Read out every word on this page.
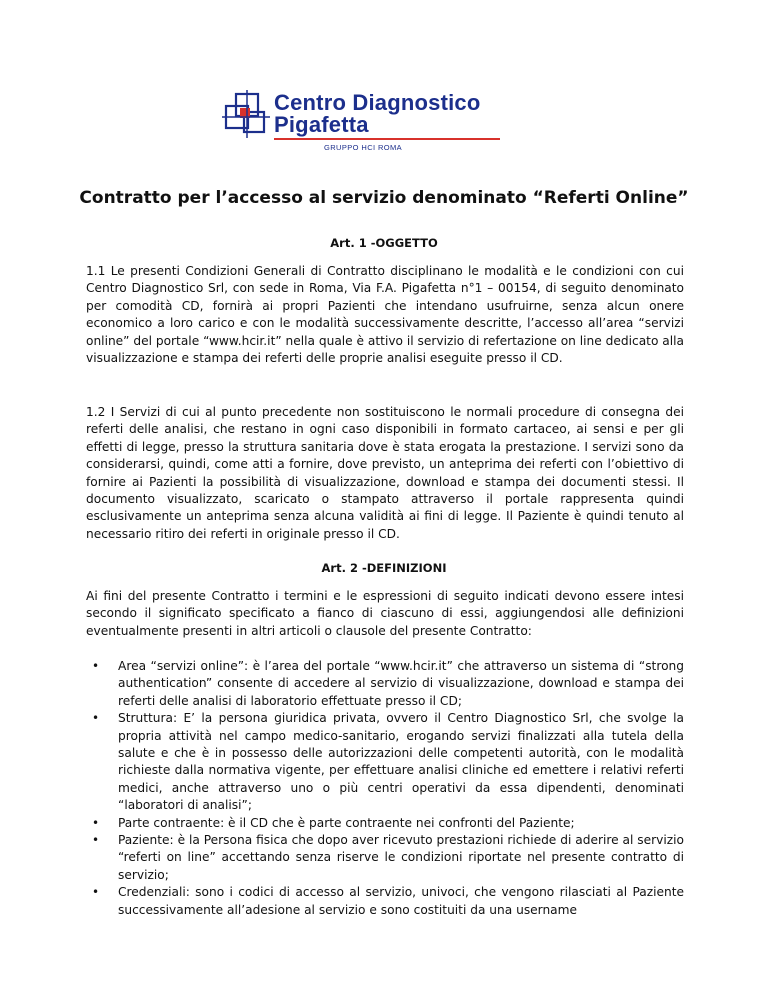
Centro Diagnostico
Pigafetta
GRUPPO HCI ROMA
Contratto per l’accesso al servizio denominato “Referti Online”
Art. 1 -OGGETTO
1.1 Le presenti Condizioni Generali di Contratto disciplinano le modalità e le condizioni con cui Centro Diagnostico Srl, con sede in Roma, Via F.A. Pigafetta n°1 – 00154, di seguito denominato per comodità CD, fornirà ai propri Pazienti che intendano usufruirne, senza alcun onere economico a loro carico e con le modalità successivamente descritte, l’accesso all’area “servizi online” del portale “www.hcir.it” nella quale è attivo il servizio di refertazione on line dedicato alla visualizzazione e stampa dei referti delle proprie analisi eseguite presso il CD.
1.2 I Servizi di cui al punto precedente non sostituiscono le normali procedure di consegna dei referti delle analisi, che restano in ogni caso disponibili in formato cartaceo, ai sensi e per gli effetti di legge, presso la struttura sanitaria dove è stata erogata la prestazione. I servizi sono da considerarsi, quindi, come atti a fornire, dove previsto, un anteprima dei referti con l’obiettivo di fornire ai Pazienti la possibilità di visualizzazione, download e stampa dei documenti stessi. Il documento visualizzato, scaricato o stampato attraverso il portale rappresenta quindi esclusivamente un anteprima senza alcuna validità ai fini di legge. Il Paziente è quindi tenuto al necessario ritiro dei referti in originale presso il CD.
Art. 2 -DEFINIZIONI
Ai fini del presente Contratto i termini e le espressioni di seguito indicati devono essere intesi secondo il significato specificato a fianco di ciascuno di essi, aggiungendosi alle definizioni eventualmente presenti in altri articoli o clausole del presente Contratto:
• Area “servizi online”: è l’area del portale “www.hcir.it” che attraverso un sistema di “strong authentication” consente di accedere al servizio di visualizzazione, download e stampa dei referti delle analisi di laboratorio effettuate presso il CD;
• Struttura: E’ la persona giuridica privata, ovvero il Centro Diagnostico Srl, che svolge la propria attività nel campo medico-sanitario, erogando servizi finalizzati alla tutela della salute e che è in possesso delle autorizzazioni delle competenti autorità, con le modalità richieste dalla normativa vigente, per effettuare analisi cliniche ed emettere i relativi referti medici, anche attraverso uno o più centri operativi da essa dipendenti, denominati “laboratori di analisi”;
• Parte contraente: è il CD che è parte contraente nei confronti del Paziente;
• Paziente: è la Persona fisica che dopo aver ricevuto prestazioni richiede di aderire al servizio “referti on line” accettando senza riserve le condizioni riportate nel presente contratto di servizio;
• Credenziali: sono i codici di accesso al servizio, univoci, che vengono rilasciati al Paziente successivamente all’adesione al servizio e sono costituiti da una username
